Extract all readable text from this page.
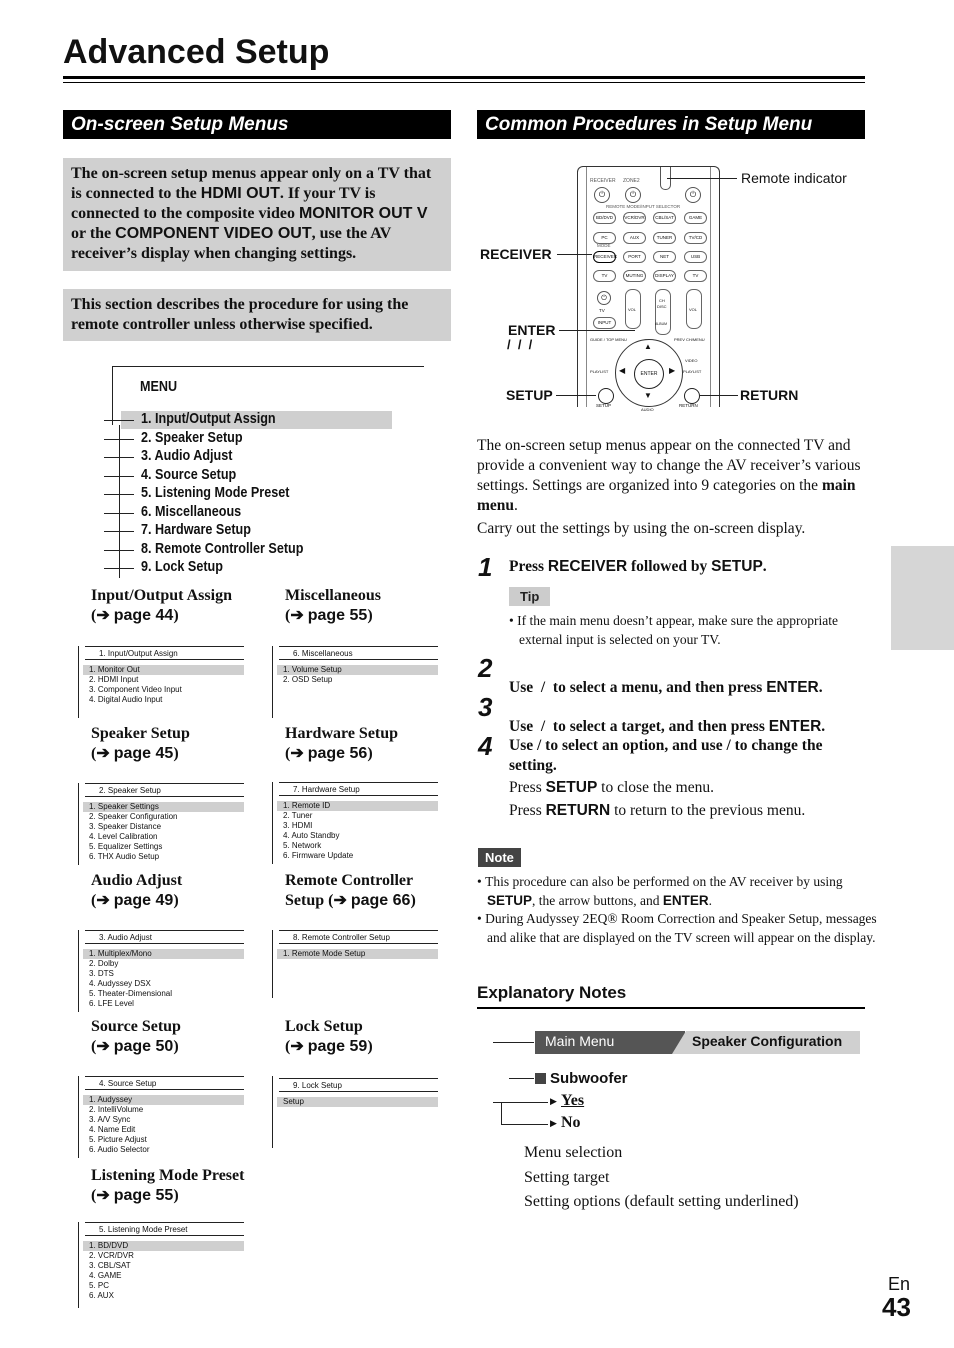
Advanced Setup
On-screen Setup Menus
The on-screen setup menus appear only on a TV that is connected to the HDMI OUT. If your TV is connected to the composite video MONITOR OUT V or the COMPONENT VIDEO OUT, use the AV receiver’s display when changing settings.
This section describes the procedure for using the remote controller unless otherwise specified.
MENU
1. Input/Output Assign
2. Speaker Setup
3. Audio Adjust
4. Source Setup
5. Listening Mode Preset
6. Miscellaneous
7. Hardware Setup
8. Remote Controller Setup
9. Lock Setup
Input/Output Assign
(➔ page 44)
Miscellaneous
(➔ page 55)
Speaker Setup
(➔ page 45)
Hardware Setup
(➔ page 56)
Audio Adjust
(➔ page 49)
Remote Controller
Setup (➔ page 66)
Source Setup
(➔ page 50)
Lock Setup
(➔ page 59)
Listening Mode Preset
(➔ page 55)
1. Input/Output Assign
1. Monitor Out
2. HDMI Input
3. Component Video Input
4. Digital Audio Input
6. Miscellaneous
1. Volume Setup
2. OSD Setup
2. Speaker Setup
1. Speaker Settings
2. Speaker Configuration
3. Speaker Distance
4. Level Calibration
5. Equalizer Settings
6. THX Audio Setup
7. Hardware Setup
1. Remote ID
2. Tuner
3. HDMI
4. Auto Standby
5. Network
6. Firmware Update
3. Audio Adjust
1. Multiplex/Mono
2. Dolby
3. DTS
4. Audyssey DSX
5. Theater-Dimensional
6. LFE Level
8. Remote Controller Setup
1. Remote Mode Setup
4. Source Setup
1. Audyssey
2. IntelliVolume
3. A/V Sync
4. Name Edit
5. Picture Adjust
6. Audio Selector
9. Lock Setup
Setup
5. Listening Mode Preset
1. BD/DVD
2. VCR/DVR
3. CBL/SAT
4. GAME
5. PC
6. AUX
Common Procedures in Setup Menu
RECEIVER ZONE2
⏻	⏻	⏻
REMOTE MODE/INPUT SELECTOR
BD/DVD	VCR/DVR	CBL/SAT	GAME
PC	AUX	TUNER	TV/CD
MODE
RECEIVER	PORT	NET	USB
TV	MUTING	DISPLAY	TV
⏻
TV	VOL
CH
DISC
ALBUM
VOL
INPUT
GUIDE / TOP MENU	PREV CH/MENU
VIDEO
PLAYLIST	PLAYLIST
▲
▼
◀	▶
ENTER
SETUP	RETURN
AUDIO
Remote indicator
RECEIVER
ENTER
/  /  /
SETUP	RETURN
The on-screen setup menus appear on the connected TV and provide a convenient way to change the AV receiver’s various settings. Settings are organized into 9 categories on the main menu.
Carry out the settings by using the on-screen display.
1 Press RECEIVER followed by SETUP.
Tip
• If the main menu doesn’t appear, make sure the appropriate external input is selected on your TV.
2

Use  /  to select a menu, and then press ENTER.
3

Use  /  to select a target, and then press ENTER.
4 Use / to select an option, and use / to change the setting.
Press SETUP to close the menu.
Press RETURN to return to the previous menu.
Note
• This procedure can also be performed on the AV receiver by using SETUP, the arrow buttons, and ENTER.
• During Audyssey 2EQ® Room Correction and Speaker Setup, messages and alike that are displayed on the TV screen will appear on the display.
Explanatory Notes
Main Menu	Speaker Configuration
Subwoofer
▶ Yes
▶ No
Menu selection
Setting target
Setting options (default setting underlined)
En
43
